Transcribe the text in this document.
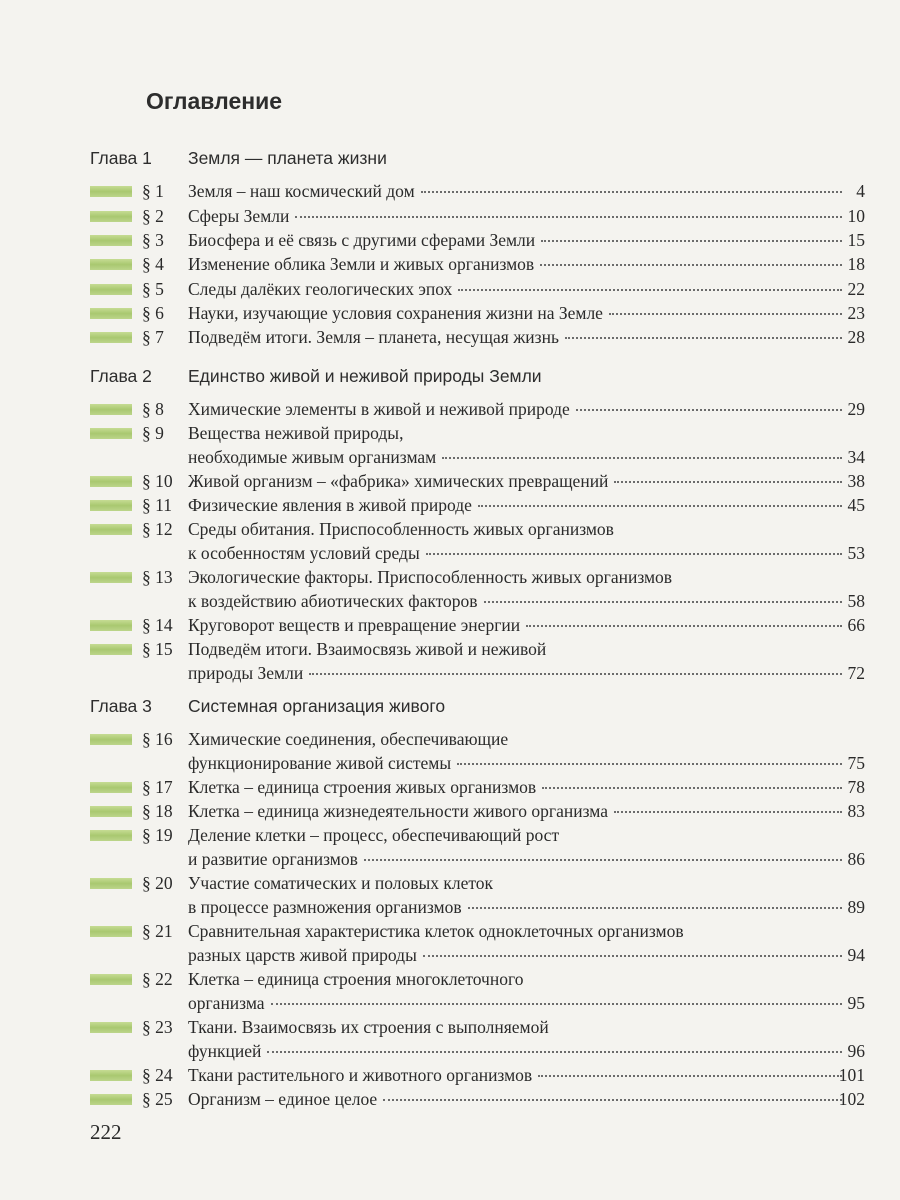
Оглавление
Глава 1 Земля — планета жизни
§ 1	Земля – наш космический дом	4
§ 2	Сферы Земли	10
§ 3	Биосфера и её связь с другими сферами Земли	15
§ 4	Изменение облика Земли и живых организмов	18
§ 5	Следы далёких геологических эпох	22
§ 6	Науки, изучающие условия сохранения жизни на Земле	23
§ 7	Подведём итоги. Земля – планета, несущая жизнь	28
Глава 2 Единство живой и неживой природы Земли
§ 8	Химические элементы в живой и неживой природе	29
§ 9	Вещества неживой природы,
необходимые живым организмам	34
§ 10 Живой организм – «фабрика» химических превращений	38
§ 11 Физические явления в живой природе	45
§ 12 Среды обитания. Приспособленность живых организмов
к особенностям условий среды	53
§ 13 Экологические факторы. Приспособленность живых организмов
к воздействию абиотических факторов	58
§ 14 Круговорот веществ и превращение энергии	66
§ 15 Подведём итоги. Взаимосвязь живой и неживой
природы Земли	72
Глава 3 Системная организация живого
§ 16 Химические соединения, обеспечивающие
функционирование живой системы	75
§ 17 Клетка – единица строения живых организмов	78
§ 18 Клетка – единица жизнедеятельности живого организма	83
§ 19 Деление клетки – процесс, обеспечивающий рост
и развитие организмов	86
§ 20 Участие соматических и половых клеток
в процессе размножения организмов	89
§ 21 Сравнительная характеристика клеток одноклеточных организмов
разных царств живой природы	94
§ 22 Клетка – единица строения многоклеточного
организма	95
§ 23 Ткани. Взаимосвязь их строения с выполняемой
функцией	96
§ 24 Ткани растительного и животного организмов	101
§ 25 Организм – единое целое	102
222
